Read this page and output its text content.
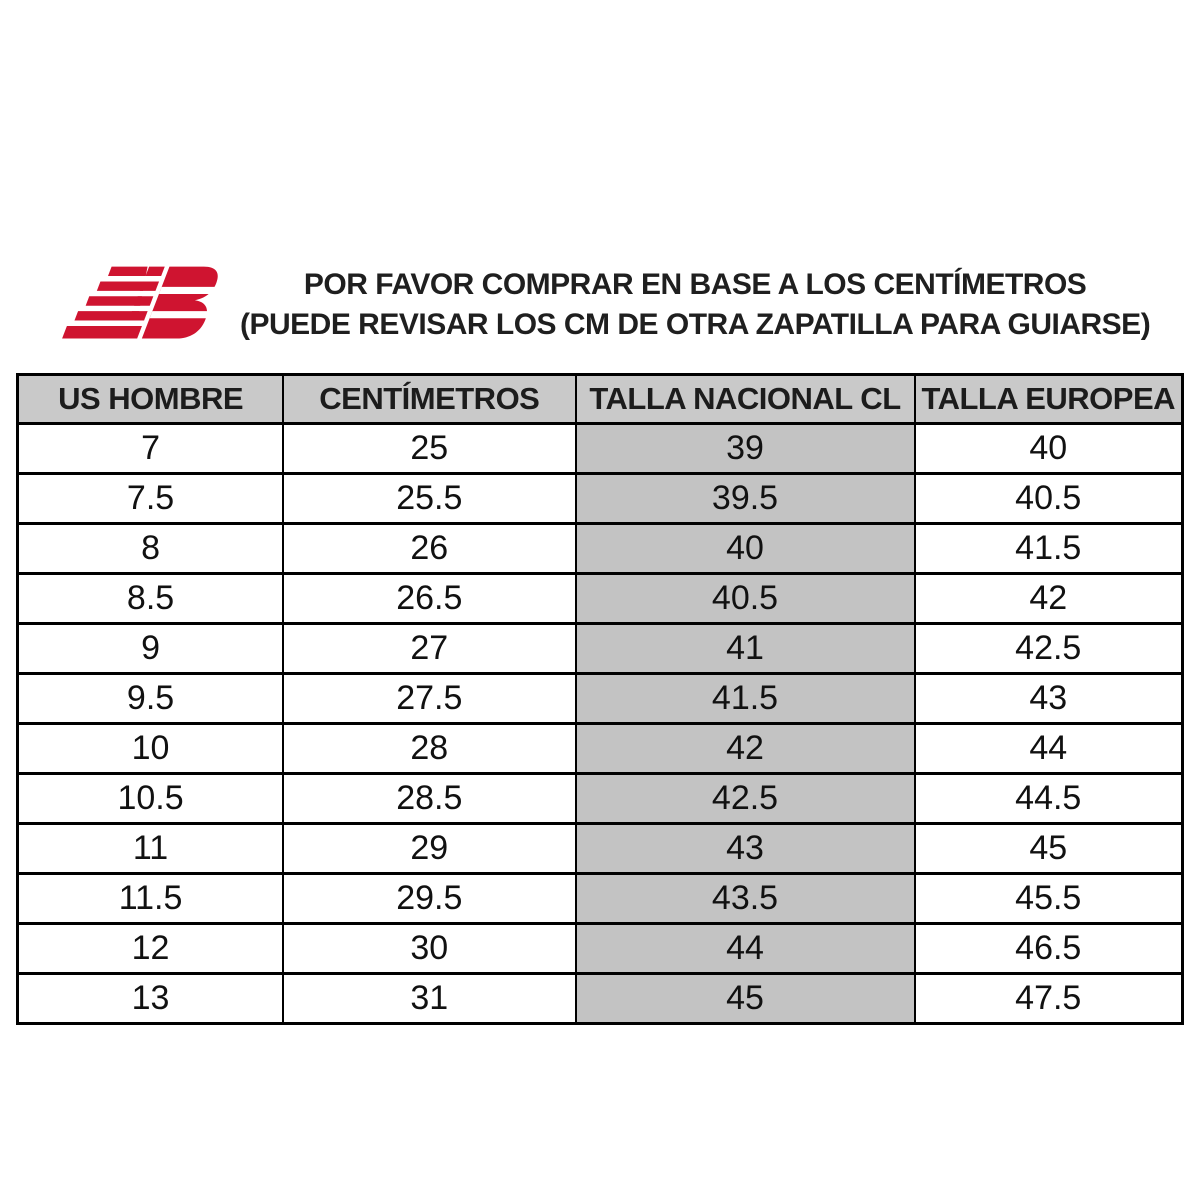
POR FAVOR COMPRAR EN BASE A LOS CENTÍMETROS
(PUEDE REVISAR LOS CM DE OTRA ZAPATILLA PARA GUIARSE)
US HOMBRE	CENTÍMETROS	TALLA NACIONAL CL	TALLA EUROPEA
7	25	39	40
7.5	25.5	39.5	40.5
8	26	40	41.5
8.5	26.5	40.5	42
9	27	41	42.5
9.5	27.5	41.5	43
10	28	42	44
10.5	28.5	42.5	44.5
11	29	43	45
11.5	29.5	43.5	45.5
12	30	44	46.5
13	31	45	47.5
